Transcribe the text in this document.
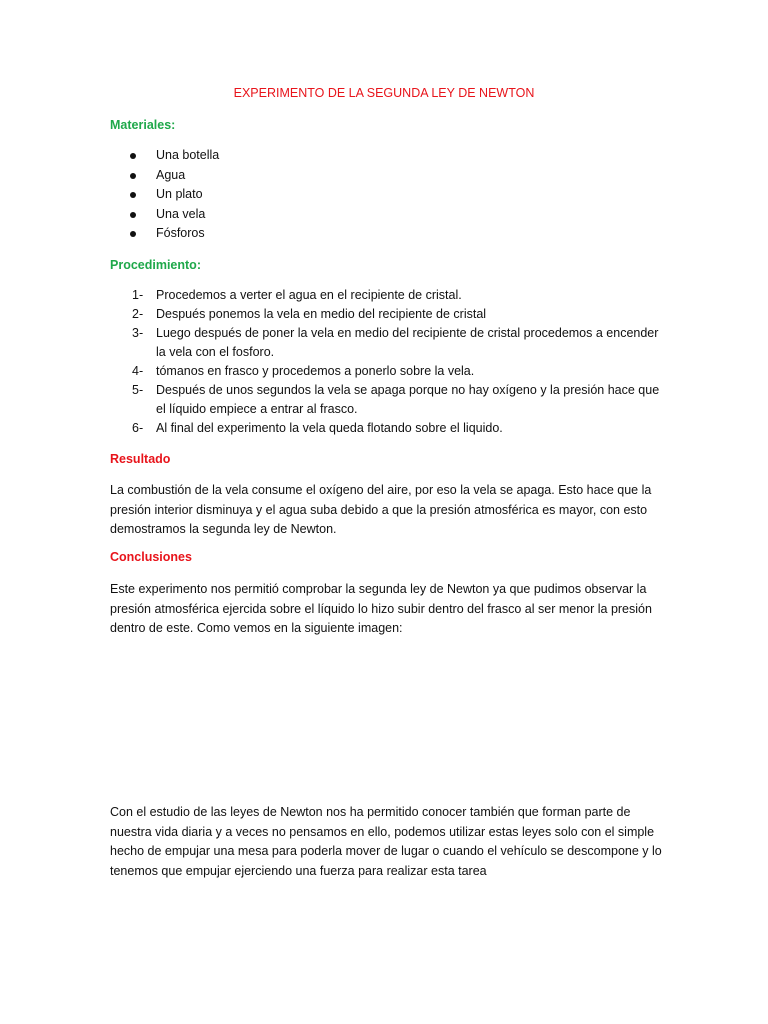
EXPERIMENTO DE LA SEGUNDA LEY DE NEWTON
Materiales:
Una botella
Agua
Un plato
Una vela
Fósforos
Procedimiento:
1- Procedemos a verter el agua en el recipiente de cristal.
2- Después ponemos la vela en medio del recipiente de cristal
3- Luego después de poner la vela en medio del recipiente de cristal procedemos a encender la vela con el fosforo.
4- tómanos en frasco y procedemos a ponerlo sobre la vela.
5- Después de unos segundos la vela se apaga porque no hay oxígeno y la presión hace que el líquido empiece a entrar al frasco.
6- Al final del experimento la vela queda flotando sobre el liquido.
Resultado
La combustión de la vela consume el oxígeno del aire, por eso la vela se apaga. Esto hace que la presión interior disminuya y el agua suba debido a que la presión atmosférica es mayor, con esto demostramos la segunda ley de Newton.
Conclusiones
Este experimento nos permitió comprobar la segunda ley de Newton ya que pudimos observar la presión atmosférica ejercida sobre el líquido lo hizo subir dentro del frasco al ser menor la presión dentro de este. Como vemos en la siguiente imagen:
Con el estudio de las leyes de Newton nos ha permitido conocer también que forman parte de nuestra vida diaria y a veces no pensamos en ello, podemos utilizar estas leyes solo con el simple hecho de empujar una mesa para poderla mover de lugar o cuando el vehículo se descompone y lo tenemos que empujar ejerciendo una fuerza para realizar esta tarea
